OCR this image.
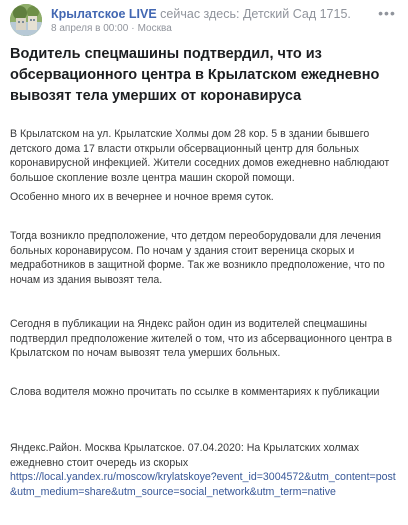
Крылатское LIVE сейчас здесь: Детский Сад 1715.
8 апреля в 00:00 · Москва
•••
Водитель спецмашины подтвердил, что из обсервационного центра в Крылатском ежедневно вывозят тела умерших от коронавируса

В Крылатском на ул. Крылатские Холмы дом 28 кор. 5 в здании бывшего детского дома 17 власти открыли обсервационный центр для больных коронавирусной инфекцией. Жители соседних домов ежедневно наблюдают большое скопление возле центра машин скорой помощи.

Особенно много их в вечернее и ночное время суток.

Тогда возникло предположение, что детдом переоборудовали для лечения больных коронавирусом. По ночам у здания стоит вереница скорых и медработников в защитной форме. Так же возникло предположение, что по ночам из здания вывозят тела.

Сегодня в публикации на Яндекс район один из водителей спецмашины подтвердил предположение жителей о том, что из абсервационного центра в Крылатском по ночам вывозят тела умерших больных.

Слова водителя можно прочитать по ссылке в комментариях к публикации

Яндекс.Район. Москва Крылатское. 07.04.2020: На Крылатских холмах ежедневно стоит очередь из скорых
https://local.yandex.ru/moscow/krylatskoye?event_id=3004572&utm_content=post&utm_medium=share&utm_source=social_network&utm_term=native
